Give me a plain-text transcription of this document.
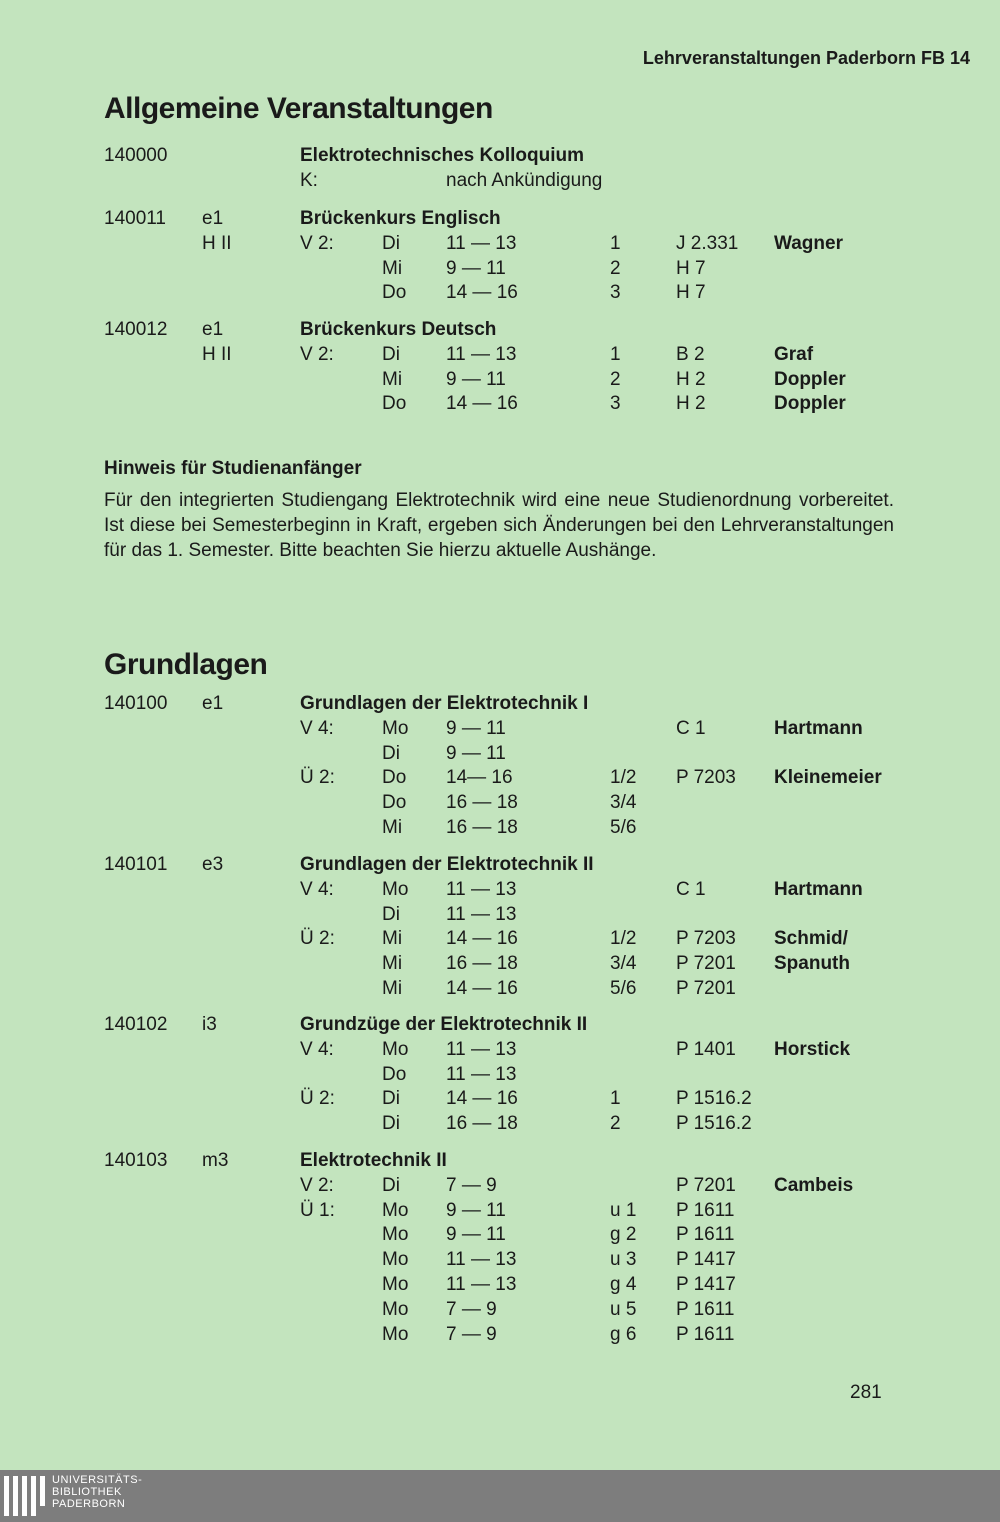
Lehrveranstaltungen Paderborn FB 14
Allgemeine Veranstaltungen
140000	Elektrotechnisches Kolloquium
K:	nach Ankündigung
140011 e1	Brückenkurs Englisch
H II	V 2:	Di 11 — 13	1	J 2.331 Wagner
Mi 9 — 11	2	H 7
Do 14 — 16	3	H 7
140012 e1	Brückenkurs Deutsch
H II	V 2:	Di 11 — 13	1	B 2	Graf
Mi 9 — 11	2	H 2	Doppler
Do 14 — 16	3	H 2	Doppler
Hinweis für Studienanfänger
Für den integrierten Studiengang Elektrotechnik wird eine neue Studienordnung vorbereitet. Ist diese bei Semesterbeginn in Kraft, ergeben sich Änderungen bei den Lehrveranstaltungen für das 1. Semester. Bitte beachten Sie hierzu aktuelle Aushänge.
Grundlagen
140100 e1	Grundlagen der Elektrotechnik I
V 4:	Mo 9 — 11	C 1	Hartmann
Di 9 — 11
Ü 2: Do 14— 16	1/2 P 7203 Kleinemeier
Do 16 — 18	3/4
Mi 16 — 18	5/6
140101 e3	Grundlagen der Elektrotechnik II
V 4:	Mo 11 — 13	C 1	Hartmann
Di 11 — 13
Ü 2: Mi 14 — 16	1/2 P 7203 Schmid/
Mi 16 — 18	3/4 P 7201 Spanuth
Mi 14 — 16	5/6 P 7201
140102 i3	Grundzüge der Elektrotechnik II
V 4:	Mo 11 — 13	P 1401 Horstick
Do 11 — 13
Ü 2: Di 14 — 16	1	P 1516.2
Di 16 — 18	2	P 1516.2
140103 m3	Elektrotechnik II
V 2:	Di 7 — 9	P 7201 Cambeis
Ü 1: Mo 9 — 11	u 1 P 1611
Mo 9 — 11	g 2 P 1611
Mo 11 — 13	u 3 P 1417
Mo 11 — 13	g 4 P 1417
Mo 7 — 9	u 5 P 1611
Mo 7 — 9	g 6 P 1611
281
UNIVERSITÄTS-
BIBLIOTHEK
PADERBORN
